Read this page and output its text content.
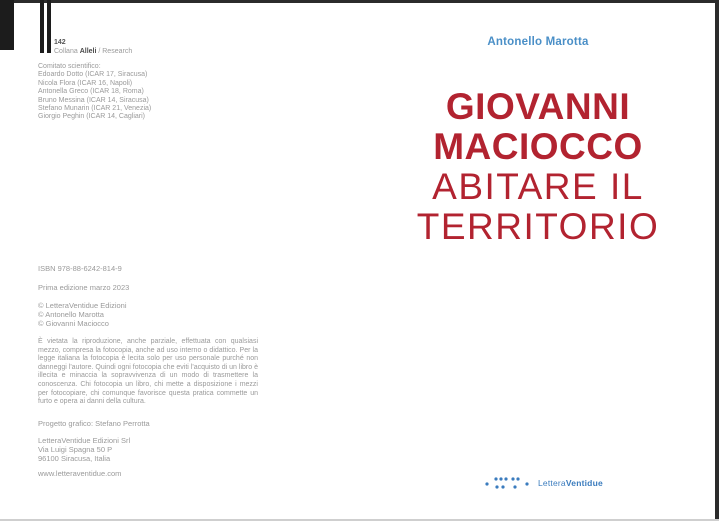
142
Collana Alleli / Research
Comitato scientifico:
Edoardo Dotto (ICAR 17, Siracusa)
Nicola Flora (ICAR 16, Napoli)
Antonella Greco (ICAR 18, Roma)
Bruno Messina (ICAR 14, Siracusa)
Stefano Munarin (ICAR 21, Venezia)
Giorgio Peghin (ICAR 14, Cagliari)
ISBN 978-88-6242-814-9
Prima edizione marzo 2023
© LetteraVentidue Edizioni
© Antonello Marotta
© Giovanni Maciocco
È vietata la riproduzione, anche parziale, effettuata con qualsiasi mezzo, compresa la fotocopia, anche ad uso interno o didattico. Per la legge italiana la fotocopia è lecita solo per uso personale purché non danneggi l'autore. Quindi ogni fotocopia che eviti l'acquisto di un libro è illecita e minaccia la sopravvivenza di un modo di trasmettere la conoscenza. Chi fotocopia un libro, chi mette a disposizione i mezzi per fotocopiare, chi comunque favorisce questa pratica commette un furto e opera ai danni della cultura.
Progetto grafico: Stefano Perrotta
LetteraVentidue Edizioni Srl
Via Luigi Spagna 50 P
96100 Siracusa, Italia
www.letteraventidue.com
Antonello Marotta
GIOVANNI
MACIOCCO
ABITARE IL
TERRITORIO
LetteraVentidue
